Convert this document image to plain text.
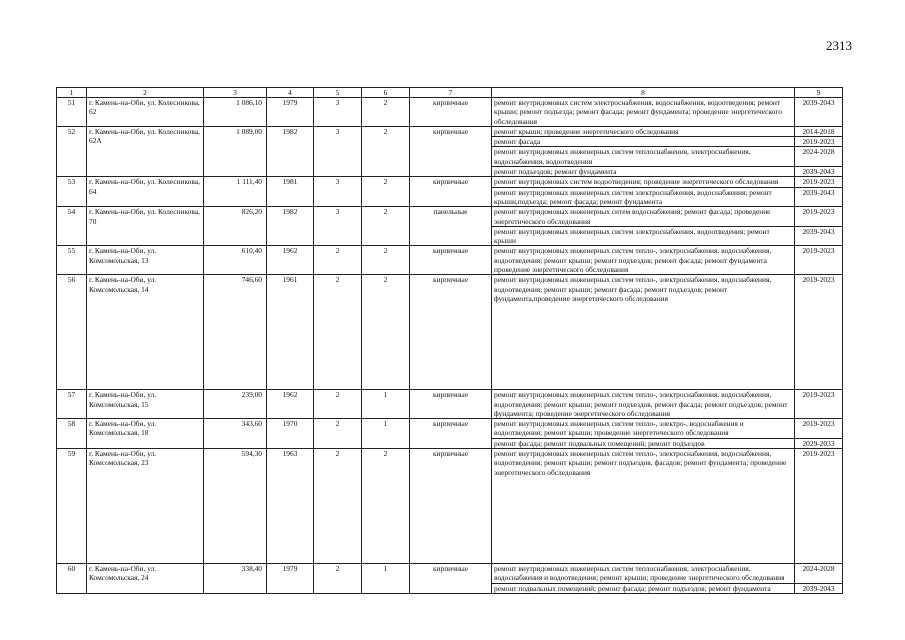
2313
1	2	3	4	5	6	7	8	9
51	г. Камень-на-Оби, ул. Колесникова, 62	1 086,10	1979	3	2	кирпичные	ремонт внутридомовых систем электроснабжения, водоснабжения, водоотведения; ремонт крыши; ремонт подъезда; ремонт фасада; ремонт фундамента; проведение энергетического обследования	2039-2043
52	г. Камень-на-Оби, ул. Колесникова, 62А	1 089,00	1982	3	2	кирпичные	ремонт крыши; проведение энергетического обследования	2014-2018
							ремонт фасада	2019-2023
							ремонт внутридомовых инженерных систем теплоснабжения, электроснабжения, водоснабжения, водоотведения	2024-2028
							ремонт подъездов; ремонт фундамента	2039-2043
53	г. Камень-на-Оби, ул. Колесникова, 64	1 111,40	1981	3	2	кирпичные	ремонт внутридомовых систем водоотведения; проведение энергетического обследования	2019-2023
							ремонт внутридомовых инженерных систем электроснабжения, водоснабжения; ремонт крыши,подъезда; ремонт фасада; ремонт фундамента	2039-2043
54	г. Камень-на-Оби, ул. Колесникова, 70	826,20	1982	3	2	панельные	ремонт внутридомовых инженерных ситем водоснабжения; ремонт фасада; проведение энергетического обследования	2019-2023
							ремонт внутридомовых инженерных систем электроснабжения, водоотведения; ремонт крыши	2039-2043
55	г. Камень-на-Оби, ул. Комсомольская, 13	610,40	1962	2	2	кирпичные	ремонт внутридомовых инженерных систем тепло-, электроснабжения, водоснабжения, водоотведения; ремонт крыши; ремонт подъездов; ремонт фасада; ремонт фундамента проведение энергетического обследования	2019-2023
56	г. Камень-на-Оби, ул. Комсомольская, 14	746,60	1961	2	2	кирпичные	ремонт внутридомовых инженерных систем тепло-, электроснабжения, водоснабжения, водоотведения; ремонт крыши; ремонт фасада; ремонт подъездов; ремонт фундамента,проведение энергетического обследования	2019-2023
57	г. Камень-на-Оби, ул. Комсомольская, 15	239,00	1962	2	1	кирпичные	ремонт внутридомовых инженерных систем тепло-, электроснабжения, водоснабжения, водоотведения; ремонт крыши; ремонт подъездов, ремонт фасада; ремонт подъездов; ремонт фундамента; проведение энергетического обследования	2019-2023
58	г. Камень-на-Оби, ул. Комсомольская, 18	343,60	1970	2	1	кирпичные	ремонт внутридомовых инженерных систем тепло-, электро-, водоснабжения и водоотведения; ремонт крыши; проведение энергетического обследования	2019-2023
							ремонт фасада; ремонт подвальных помещений; ремонт подъездов	2029-2033
59	г. Камень-на-Оби, ул. Комсомольская, 23	594,30	1963	2	2	кирпичные	ремонт внутридомовых инженерных систем тепло-, электроснабжения, водоснабжения, водоотведения; ремонт крыши; ремонт подъездов, фасадов; ремонт фундамента; проведение энергетического обследования	2019-2023
60	г. Камень-на-Оби, ул. Комсомольская, 24	338,40	1979	2	1	кирпичные	ремонт внутридомовых инженерных систем теплоснабжения, электроснабжения, водоснабжения и водоотведения; ремонт крыши; проведение энергетического обследования	2024-2028
							ремонт подвальных помещений; ремонт фасада; ремонт подъездов; ремонт фундамента	2039-2043
